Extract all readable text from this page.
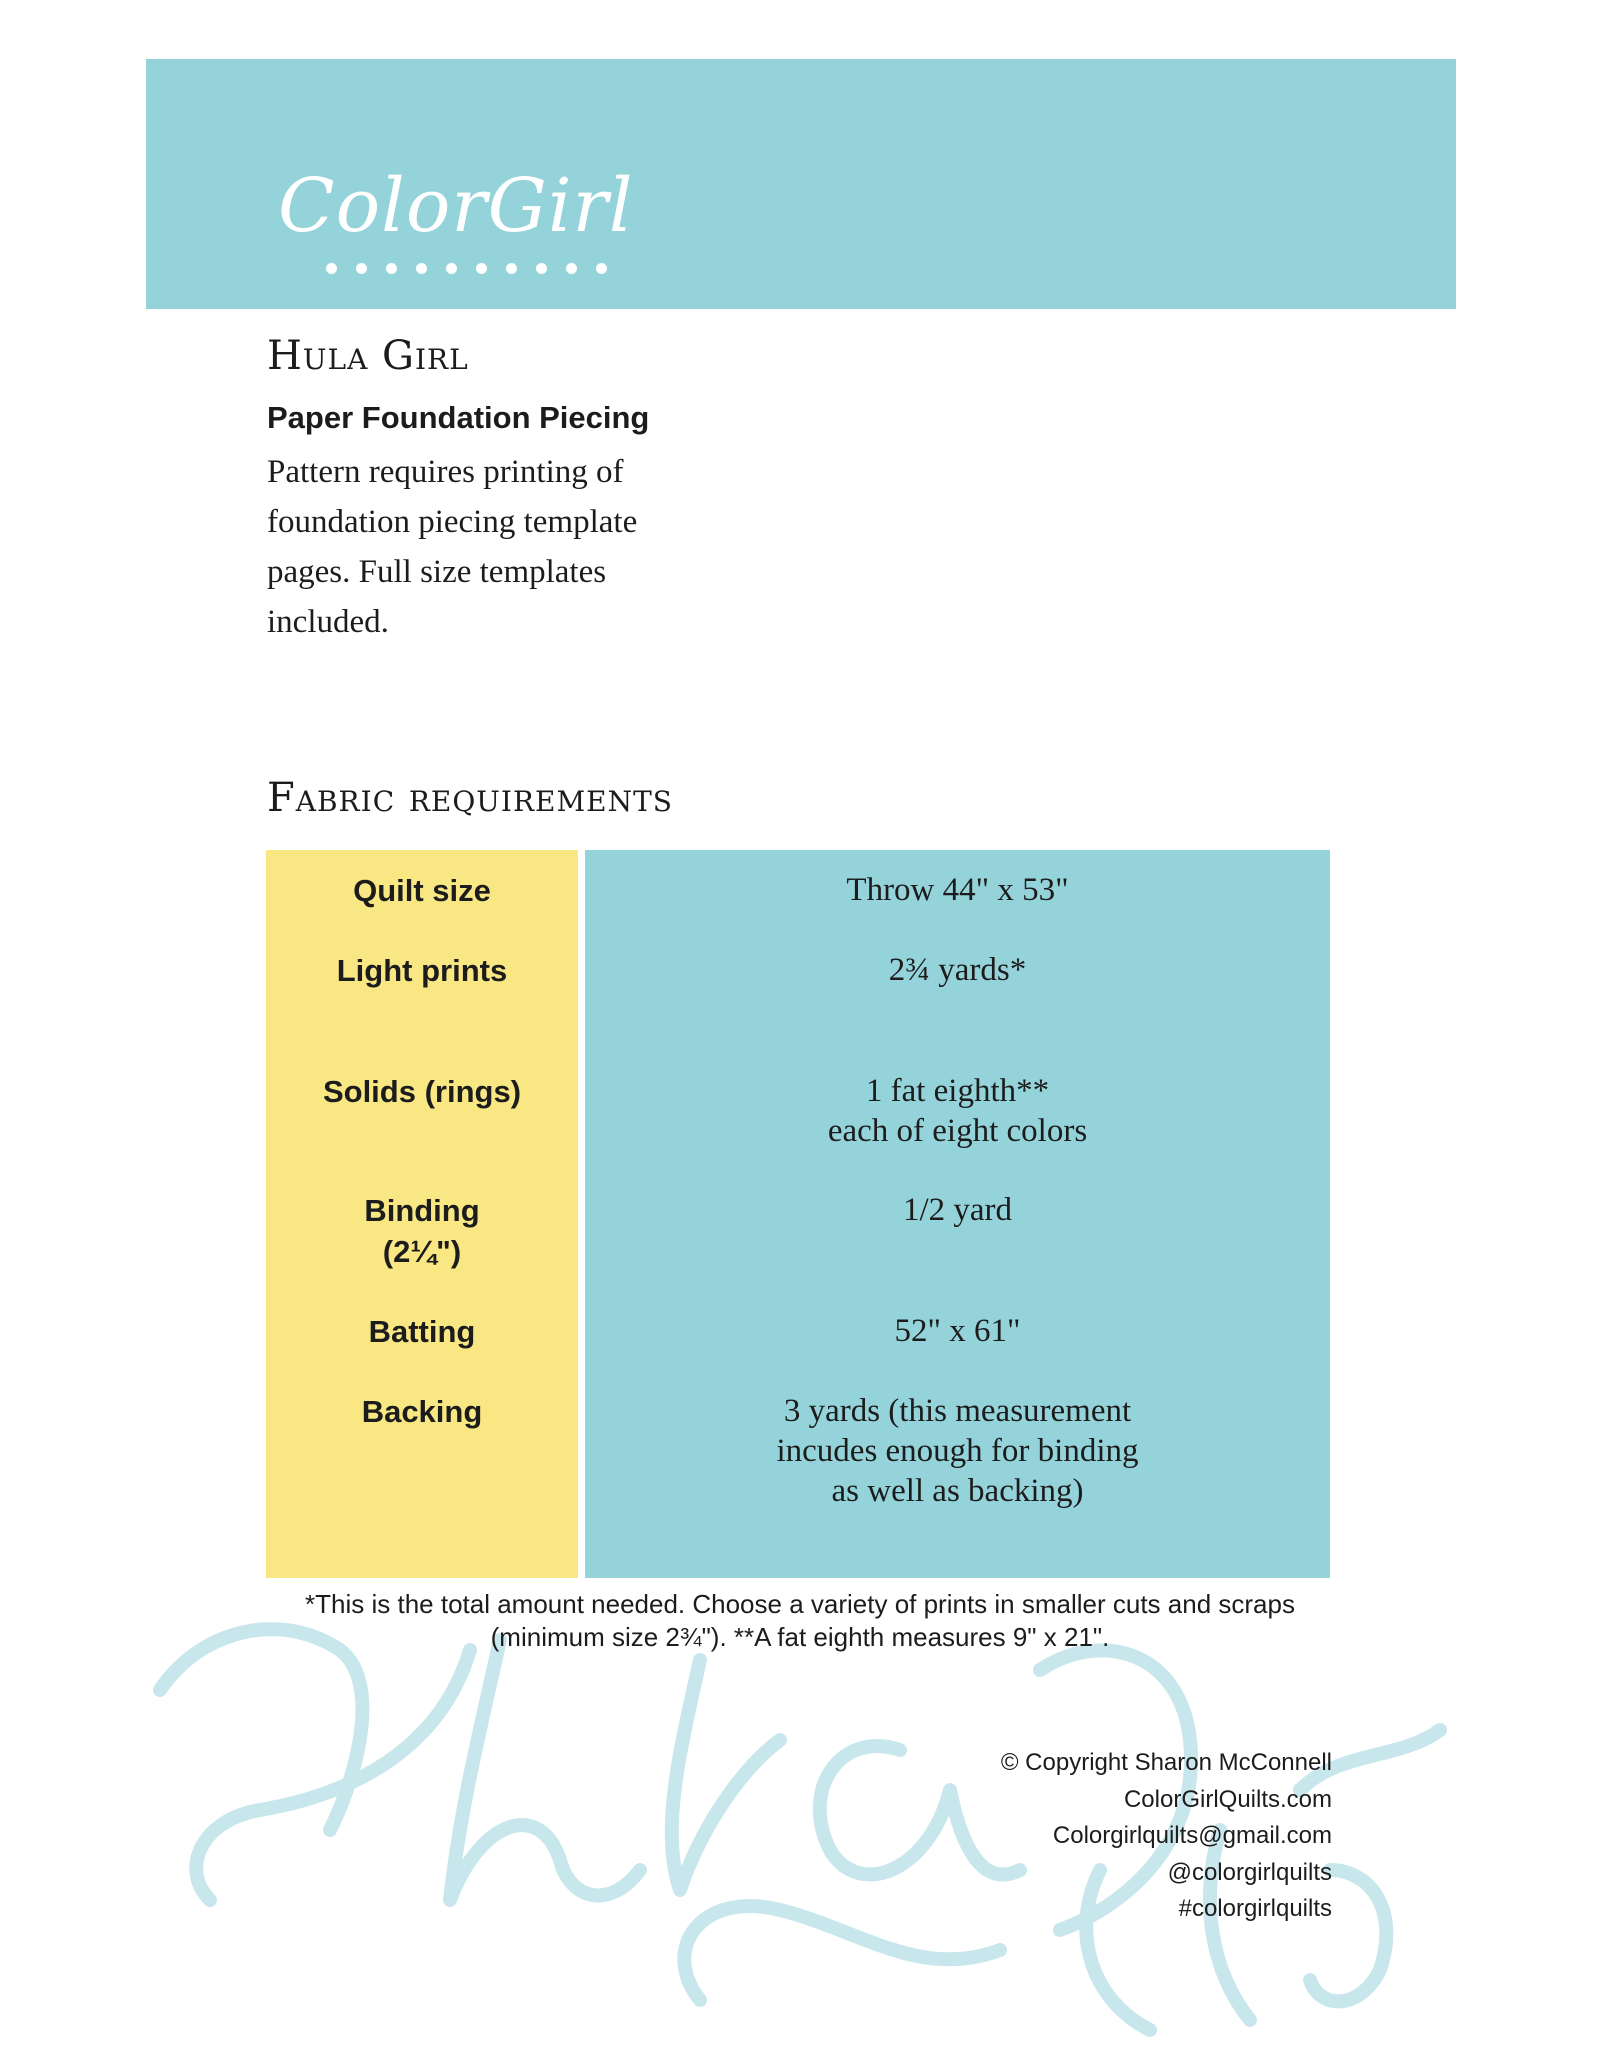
ColorGirl
Hula Girl

Paper Foundation Piecing

Pattern requires printing of foundation piecing template pages. Full size templates included.

Fabric requirements
Quilt size
Light prints
Solids (rings)
Binding
(2¼")
Batting
Backing
Throw 44" x 53"
2¾ yards*
1 fat eighth**
each of eight colors
1/2 yard
52" x 61"
3 yards (this measurement
incudes enough for binding
as well as backing)

*This is the total amount needed. Choose a variety of prints in smaller cuts and scraps (minimum size 2¾"). **A fat eighth measures 9" x 21".

© Copyright Sharon McConnell
ColorGirlQuilts.com
Colorgirlquilts@gmail.com
@colorgirlquilts
#colorgirlquilts
